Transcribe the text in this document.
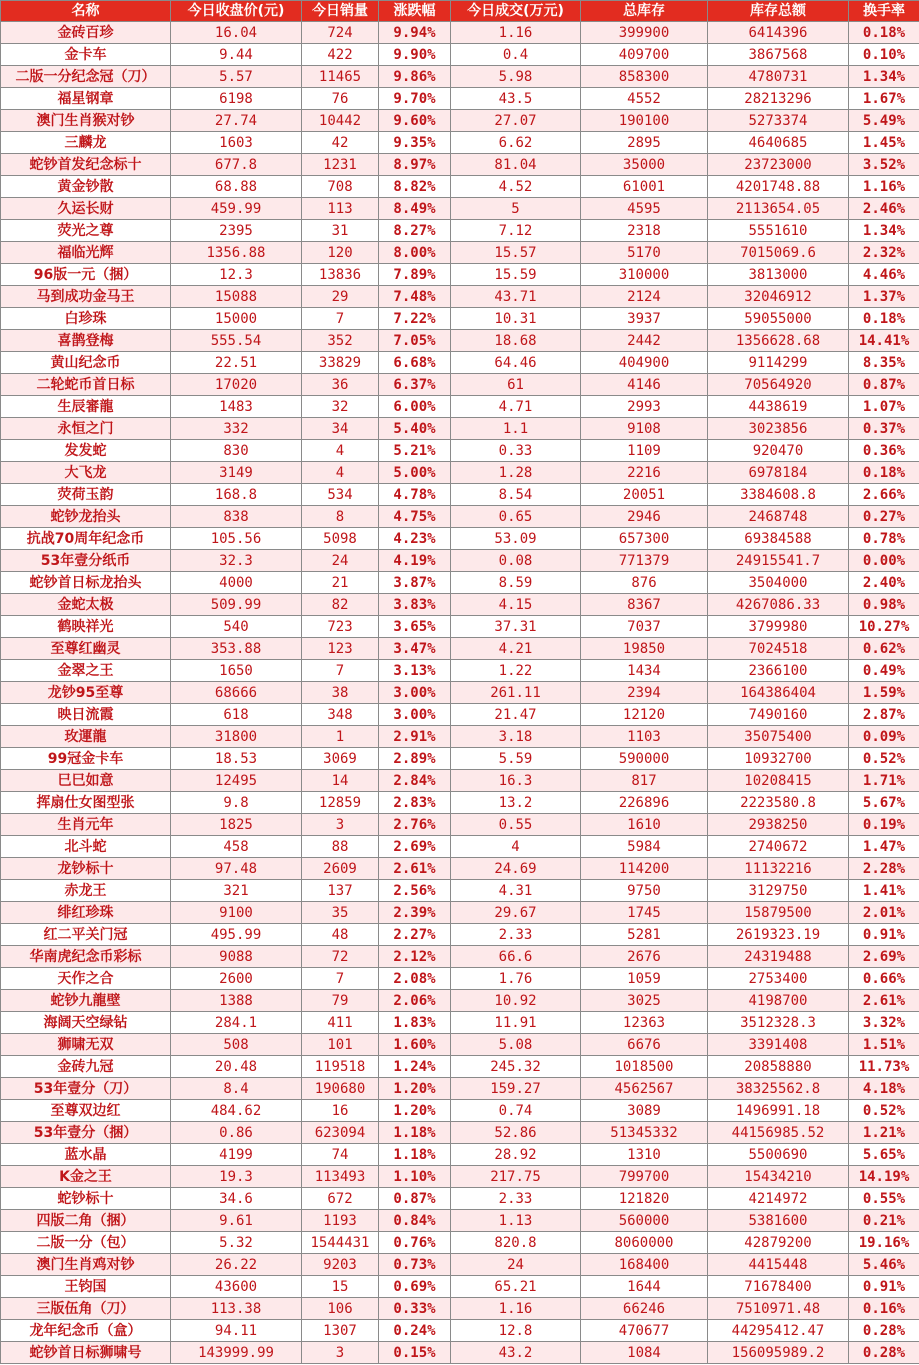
名称	今日收盘价(元)	今日销量	涨跌幅	今日成交(万元)	总库存	库存总额	换手率
金砖百珍	16.04	724	9.94%	1.16	399900	6414396	0.18%
金卡车	9.44	422	9.90%	0.4	409700	3867568	0.10%
二版一分纪念冠（刀）	5.57	11465	9.86%	5.98	858300	4780731	1.34%
福星钢章	6198	76	9.70%	43.5	4552	28213296	1.67%
澳门生肖猴对钞	27.74	10442	9.60%	27.07	190100	5273374	5.49%
三麟龙	1603	42	9.35%	6.62	2895	4640685	1.45%
蛇钞首发纪念标十	677.8	1231	8.97%	81.04	35000	23723000	3.52%
黄金钞散	68.88	708	8.82%	4.52	61001	4201748.88	1.16%
久运长财	459.99	113	8.49%	5	4595	2113654.05	2.46%
荧光之尊	2395	31	8.27%	7.12	2318	5551610	1.34%
福临光辉	1356.88	120	8.00%	15.57	5170	7015069.6	2.32%
96版一元（捆）	12.3	13836	7.89%	15.59	310000	3813000	4.46%
马到成功金马王	15088	29	7.48%	43.71	2124	32046912	1.37%
白珍珠	15000	7	7.22%	10.31	3937	59055000	0.18%
喜鹊登梅	555.54	352	7.05%	18.68	2442	1356628.68	14.41%
黄山纪念币	22.51	33829	6.68%	64.46	404900	9114299	8.35%
二轮蛇币首日标	17020	36	6.37%	61	4146	70564920	0.87%
生辰審龍	1483	32	6.00%	4.71	2993	4438619	1.07%
永恒之门	332	34	5.40%	1.1	9108	3023856	0.37%
发发蛇	830	4	5.21%	0.33	1109	920470	0.36%
大飞龙	3149	4	5.00%	1.28	2216	6978184	0.18%
荧荷玉韵	168.8	534	4.78%	8.54	20051	3384608.8	2.66%
蛇钞龙抬头	838	8	4.75%	0.65	2946	2468748	0.27%
抗战70周年纪念币	105.56	5098	4.23%	53.09	657300	69384588	0.78%
53年壹分纸币	32.3	24	4.19%	0.08	771379	24915541.7	0.00%
蛇钞首日标龙抬头	4000	21	3.87%	8.59	876	3504000	2.40%
金蛇太极	509.99	82	3.83%	4.15	8367	4267086.33	0.98%
鹤映祥光	540	723	3.65%	37.31	7037	3799980	10.27%
至尊红幽灵	353.88	123	3.47%	4.21	19850	7024518	0.62%
金翠之王	1650	7	3.13%	1.22	1434	2366100	0.49%
龙钞95至尊	68666	38	3.00%	261.11	2394	164386404	1.59%
映日流霞	618	348	3.00%	21.47	12120	7490160	2.87%
玫運龍	31800	1	2.91%	3.18	1103	35075400	0.09%
99冠金卡车	18.53	3069	2.89%	5.59	590000	10932700	0.52%
巳巳如意	12495	14	2.84%	16.3	817	10208415	1.71%
挥扇仕女图型张	9.8	12859	2.83%	13.2	226896	2223580.8	5.67%
生肖元年	1825	3	2.76%	0.55	1610	2938250	0.19%
北斗蛇	458	88	2.69%	4	5984	2740672	1.47%
龙钞标十	97.48	2609	2.61%	24.69	114200	11132216	2.28%
赤龙王	321	137	2.56%	4.31	9750	3129750	1.41%
绯红珍珠	9100	35	2.39%	29.67	1745	15879500	2.01%
红二平关门冠	495.99	48	2.27%	2.33	5281	2619323.19	0.91%
华南虎纪念币彩标	9088	72	2.12%	66.6	2676	24319488	2.69%
天作之合	2600	7	2.08%	1.76	1059	2753400	0.66%
蛇钞九龍壁	1388	79	2.06%	10.92	3025	4198700	2.61%
海阔天空绿钻	284.1	411	1.83%	11.91	12363	3512328.3	3.32%
狮啸无双	508	101	1.60%	5.08	6676	3391408	1.51%
金砖九冠	20.48	119518	1.24%	245.32	1018500	20858880	11.73%
53年壹分（刀）	8.4	190680	1.20%	159.27	4562567	38325562.8	4.18%
至尊双边红	484.62	16	1.20%	0.74	3089	1496991.18	0.52%
53年壹分（捆）	0.86	623094	1.18%	52.86	51345332	44156985.52	1.21%
蓝水晶	4199	74	1.18%	28.92	1310	5500690	5.65%
K金之王	19.3	113493	1.10%	217.75	799700	15434210	14.19%
蛇钞标十	34.6	672	0.87%	2.33	121820	4214972	0.55%
四版二角（捆）	9.61	1193	0.84%	1.13	560000	5381600	0.21%
二版一分（包）	5.32	1544431	0.76%	820.8	8060000	42879200	19.16%
澳门生肖鸡对钞	26.22	9203	0.73%	24	168400	4415448	5.46%
王钧国	43600	15	0.69%	65.21	1644	71678400	0.91%
三版伍角（刀）	113.38	106	0.33%	1.16	66246	7510971.48	0.16%
龙年纪念币（盒）	94.11	1307	0.24%	12.8	470677	44295412.47	0.28%
蛇钞首日标狮啸号	143999.99	3	0.15%	43.2	1084	156095989.2	0.28%
